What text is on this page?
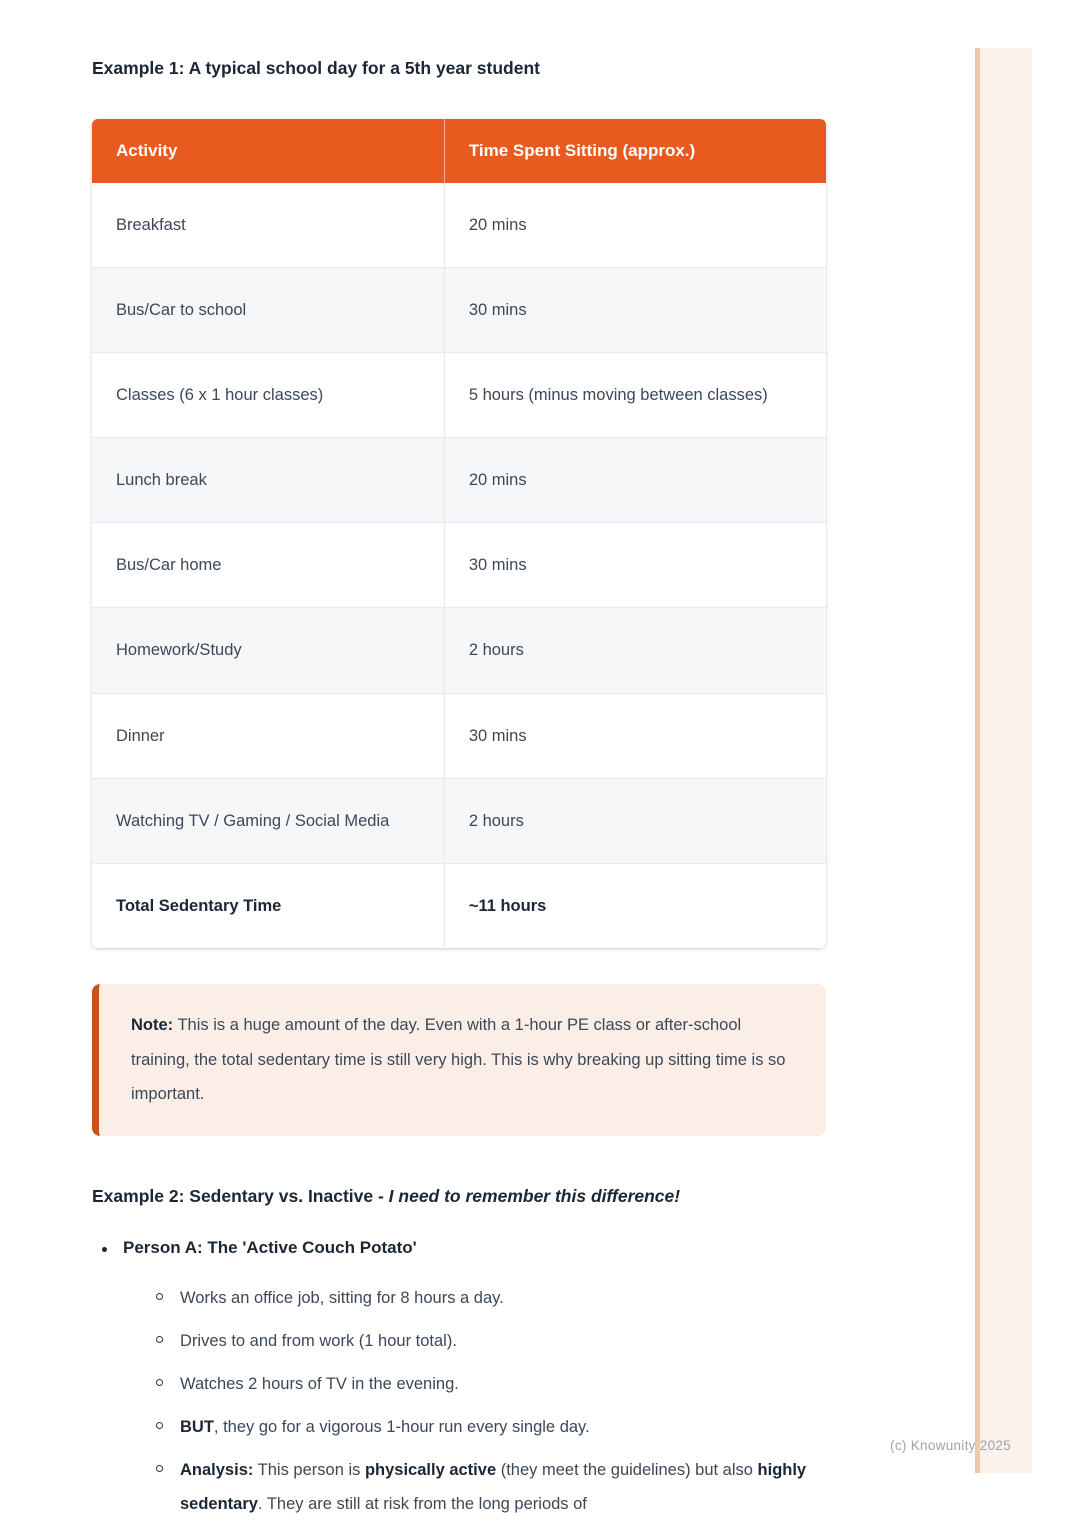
(c) Knowunity 2025
Example 1: A typical school day for a 5th year student
Activity	Time Spent Sitting (approx.)
Breakfast	20 mins
Bus/Car to school	30 mins
Classes (6 x 1 hour classes)	5 hours (minus moving between classes)
Lunch break	20 mins
Bus/Car home	30 mins
Homework/Study	2 hours
Dinner	30 mins
Watching TV / Gaming / Social Media	2 hours
Total Sedentary Time	~11 hours
Note: This is a huge amount of the day. Even with a 1-hour PE class or after-school training, the total sedentary time is still very high. This is why breaking up sitting time is so important.
Example 2: Sedentary vs. Inactive - I need to remember this difference!
Person A: The 'Active Couch Potato'
Works an office job, sitting for 8 hours a day.
Drives to and from work (1 hour total).
Watches 2 hours of TV in the evening.
BUT, they go for a vigorous 1-hour run every single day.
Analysis: This person is physically active (they meet the guidelines) but also highly sedentary. They are still at risk from the long periods of
